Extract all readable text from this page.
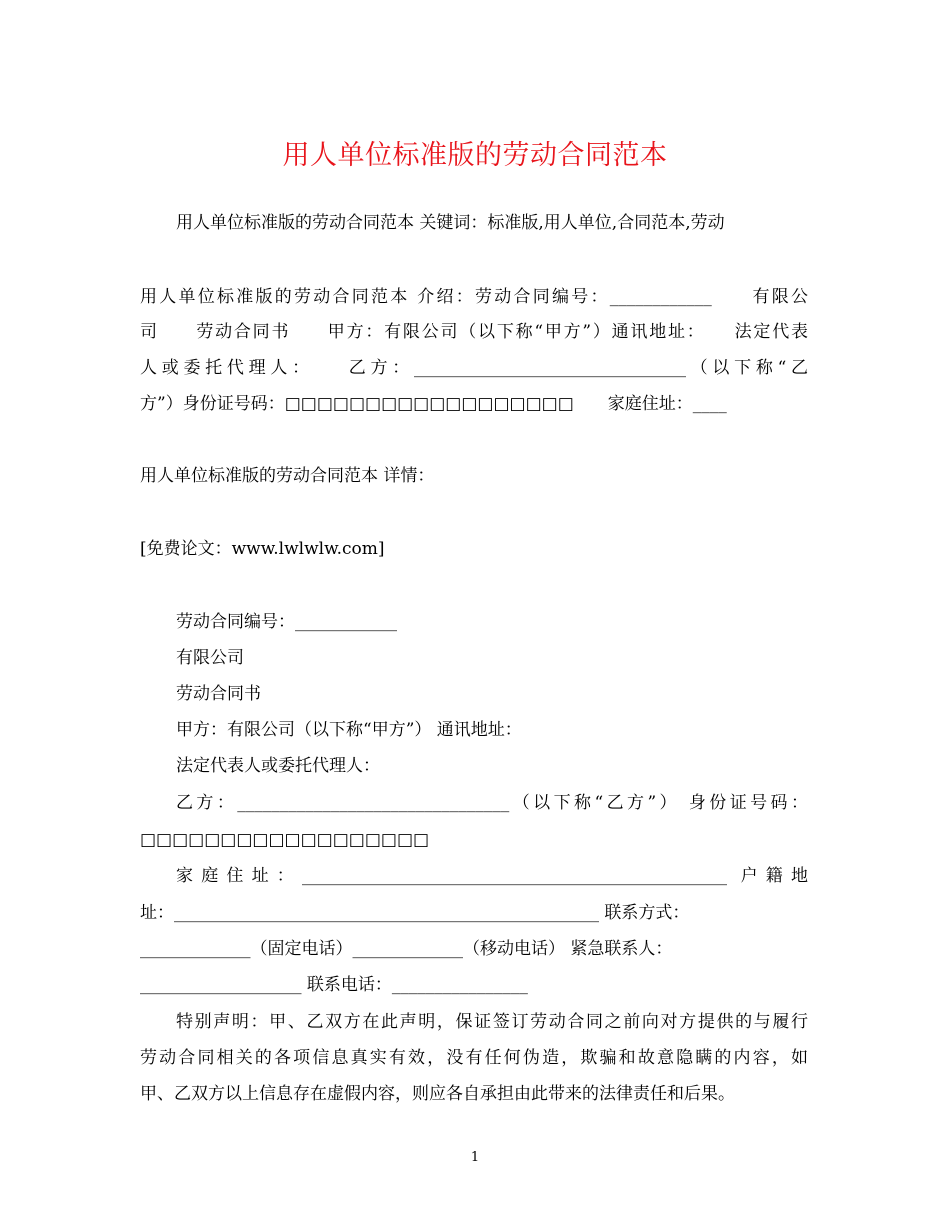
用人单位标准版的劳动合同范本
用人单位标准版的劳动合同范本 关键词：标准版,用人单位,合同范本,劳动
用人单位标准版的劳动合同范本 介绍：劳动合同编号：____________　　有限公
司　　劳动合同书　　甲方：有限公司（以下称“甲方”）通讯地址：　　法定代表
人或委托代理人：　　乙方：________________________________（以下称“乙
方”）身份证号码：□□□□□□□□□□□□□□□□□□　　家庭住址：____
用人单位标准版的劳动合同范本 详情：
[免费论文：www.lwlwlw.com]
劳动合同编号：____________
有限公司
劳动合同书
甲方：有限公司（以下称“甲方”） 通讯地址：
法定代表人或委托代理人：
乙方：________________________________（以下称“乙方”） 身份证号码：
□□□□□□□□□□□□□□□□□□
家庭住址：__________________________________________________ 户籍地
址：__________________________________________________ 联系方式：
_____________（固定电话）_____________（移动电话） 紧急联系人：
___________________ 联系电话：________________
特别声明：甲、乙双方在此声明，保证签订劳动合同之前向对方提供的与履行
劳动合同相关的各项信息真实有效，没有任何伪造，欺骗和故意隐瞒的内容，如
甲、乙双方以上信息存在虚假内容，则应各自承担由此带来的法律责任和后果。
1
